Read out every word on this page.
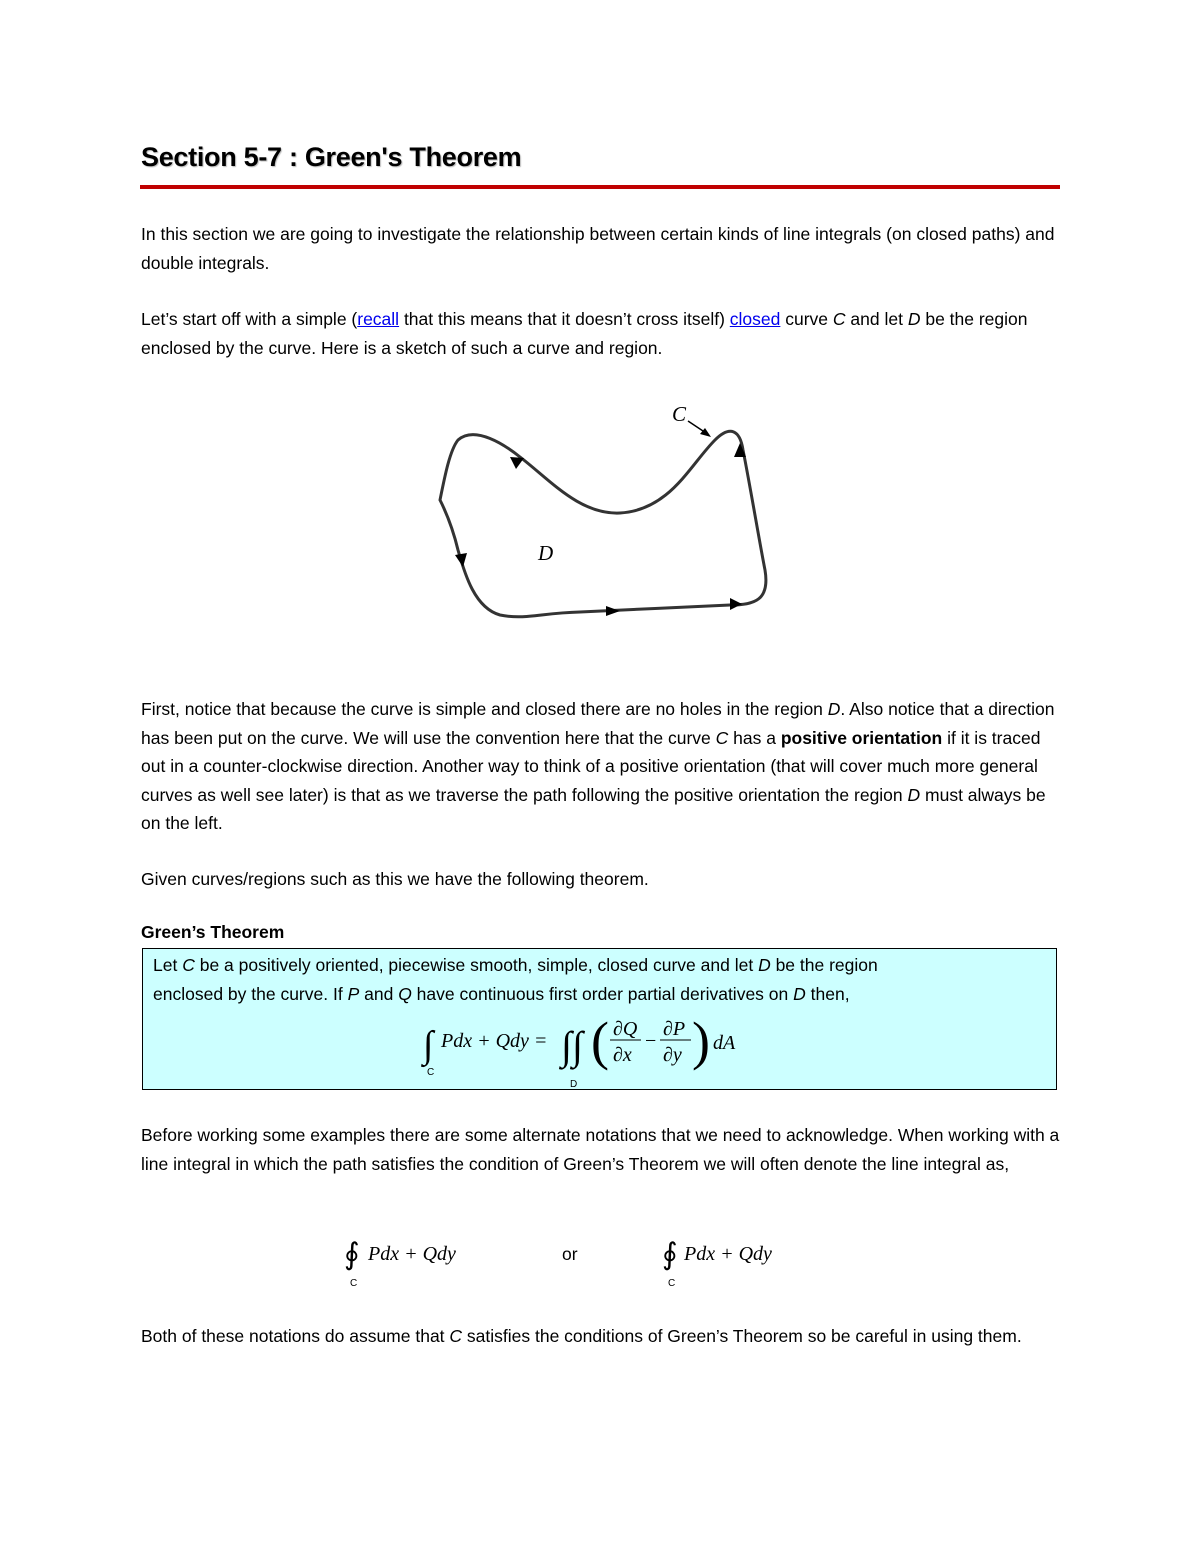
Section 5-7 : Green's Theorem

In this section we are going to investigate the relationship between certain kinds of line integrals (on closed paths) and double integrals.

Let’s start off with a simple (recall that this means that it doesn’t cross itself) closed curve C and let D be the region enclosed by the curve. Here is a sketch of such a curve and region.

C
D

First, notice that because the curve is simple and closed there are no holes in the region D. Also notice that a direction has been put on the curve. We will use the convention here that the curve C has a positive orientation if it is traced out in a counter-clockwise direction. Another way to think of a positive orientation (that will cover much more general curves as well see later) is that as we traverse the path following the positive orientation the region D must always be on the left.

Given curves/regions such as this we have the following theorem.

Green’s Theorem
Let C be a positively oriented, piecewise smooth, simple, closed curve and let D be the region
enclosed by the curve. If P and Q have continuous first order partial derivatives on D then,
∫
C
Pdx + Qdy = ∫∫
D
( ∂Q
∂x
−
∂P
∂y ) dA

Before working some examples there are some alternate notations that we need to acknowledge. When working with a line integral in which the path satisfies the condition of Green’s Theorem we will often denote the line integral as,

∮
C
Pdx + Qdy	or	∮
C
Pdx + Qdy

Both of these notations do assume that C satisfies the conditions of Green’s Theorem so be careful in using them.
